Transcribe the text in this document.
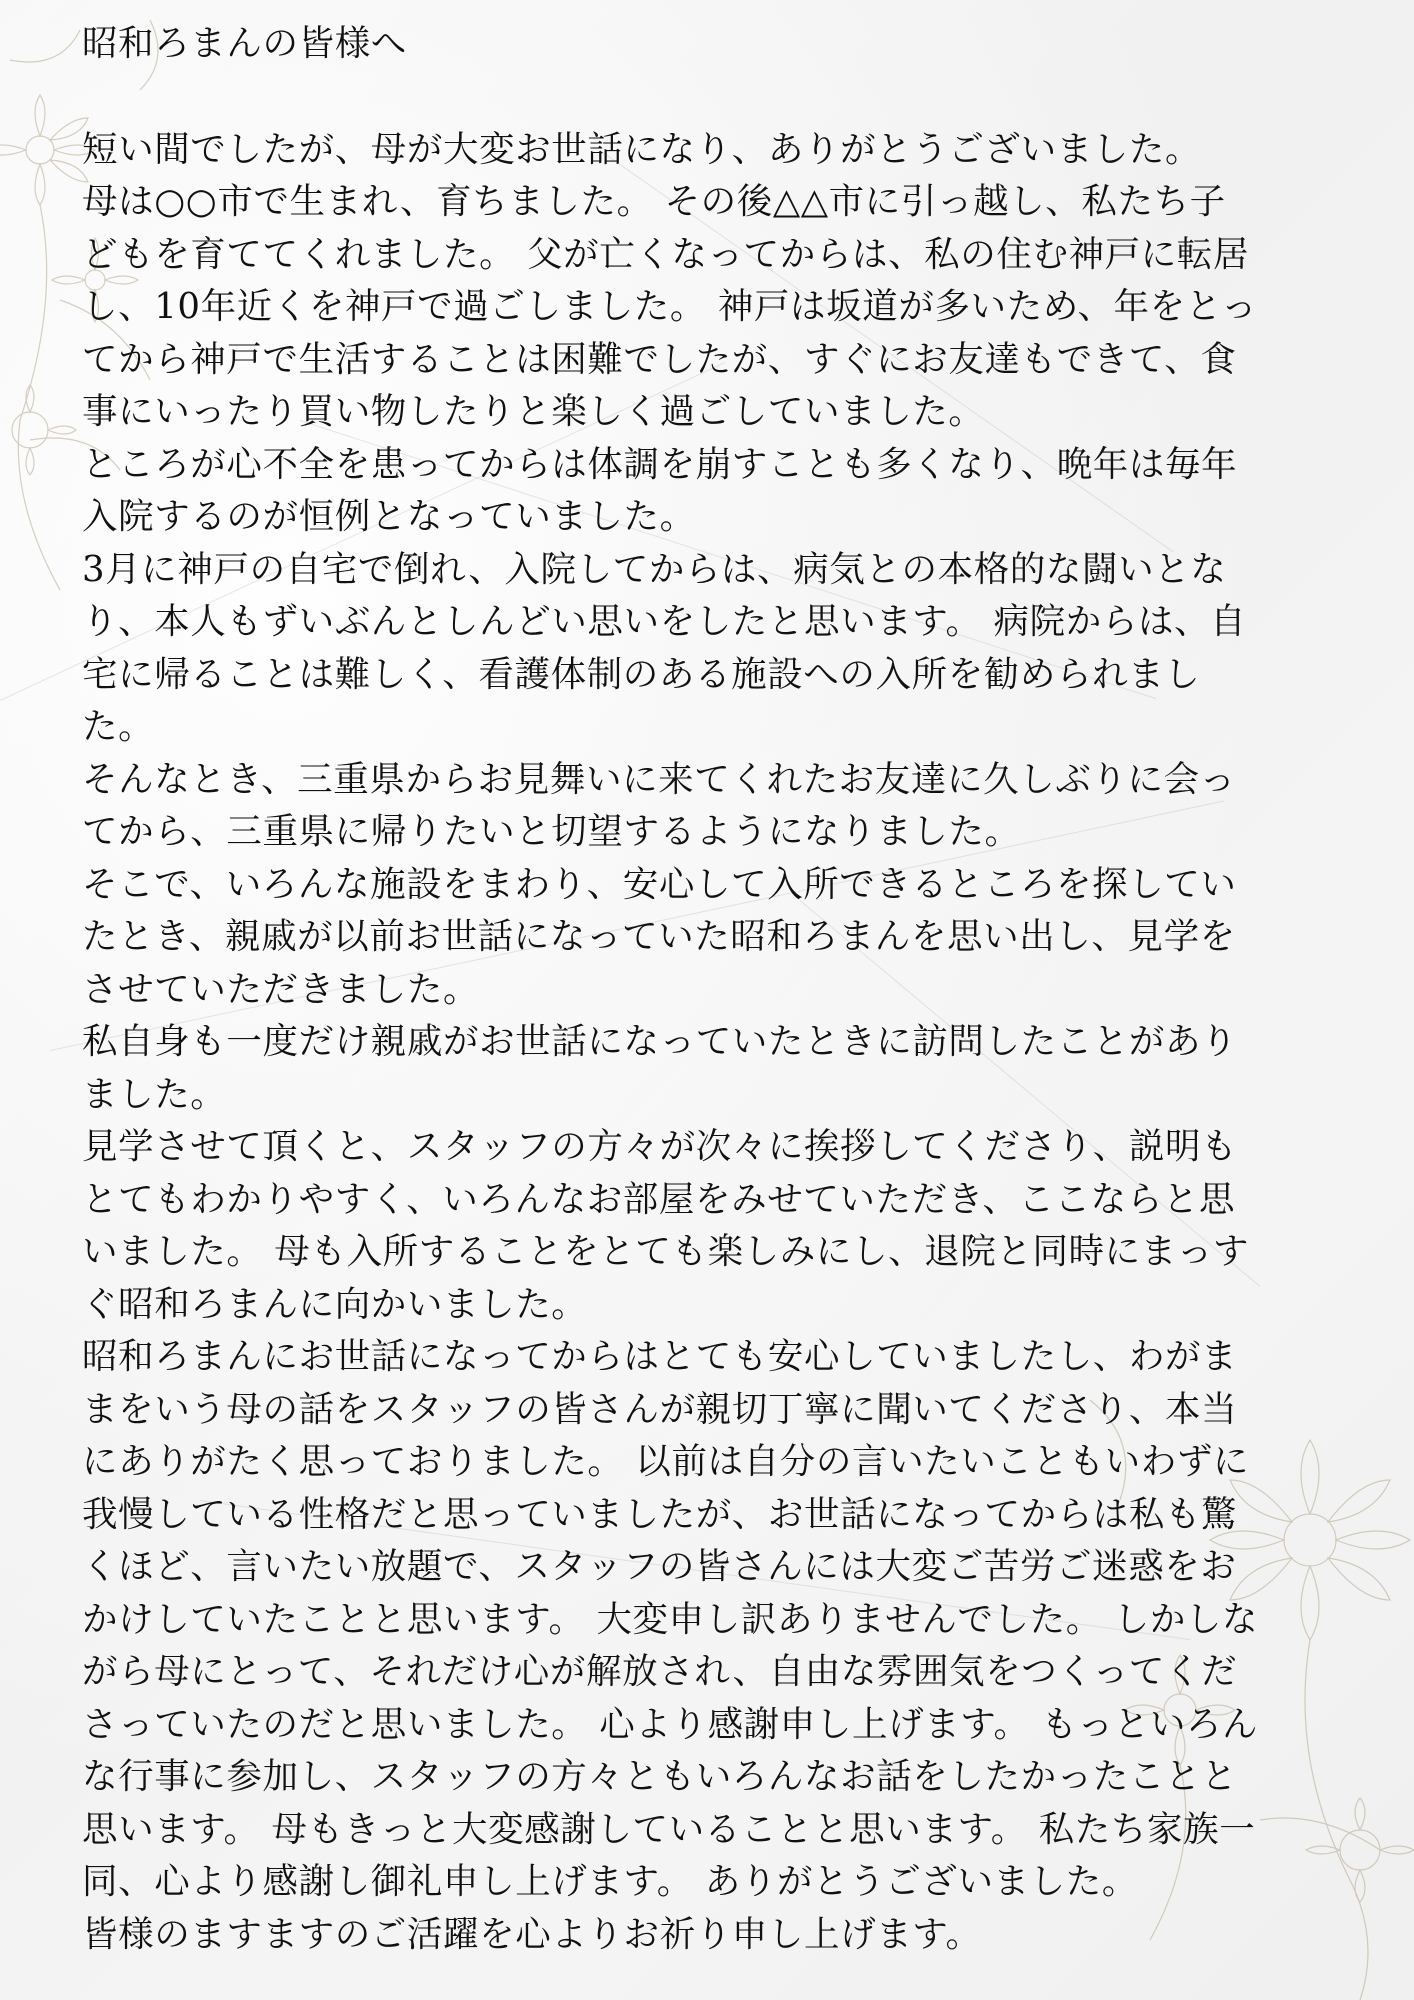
昭和ろまんの皆様へ
短い間でしたが、母が大変お世話になり、ありがとうございました。
母は○○市で生まれ、育ちました。 その後△△市に引っ越し、私たち子
どもを育ててくれました。 父が亡くなってからは、私の住む神戸に転居
し、10年近くを神戸で過ごしました。 神戸は坂道が多いため、年をとっ
てから神戸で生活することは困難でしたが、すぐにお友達もできて、食
事にいったり買い物したりと楽しく過ごしていました。
ところが心不全を患ってからは体調を崩すことも多くなり、晩年は毎年
入院するのが恒例となっていました。
3月に神戸の自宅で倒れ、入院してからは、病気との本格的な闘いとな
り、本人もずいぶんとしんどい思いをしたと思います。 病院からは、自
宅に帰ることは難しく、看護体制のある施設への入所を勧められまし
た。
そんなとき、三重県からお見舞いに来てくれたお友達に久しぶりに会っ
てから、三重県に帰りたいと切望するようになりました。
そこで、いろんな施設をまわり、安心して入所できるところを探してい
たとき、親戚が以前お世話になっていた昭和ろまんを思い出し、見学を
させていただきました。
私自身も一度だけ親戚がお世話になっていたときに訪問したことがあり
ました。
見学させて頂くと、スタッフの方々が次々に挨拶してくださり、説明も
とてもわかりやすく、いろんなお部屋をみせていただき、ここならと思
いました。 母も入所することをとても楽しみにし、退院と同時にまっす
ぐ昭和ろまんに向かいました。
昭和ろまんにお世話になってからはとても安心していましたし、わがま
まをいう母の話をスタッフの皆さんが親切丁寧に聞いてくださり、本当
にありがたく思っておりました。 以前は自分の言いたいこともいわずに
我慢している性格だと思っていましたが、お世話になってからは私も驚
くほど、言いたい放題で、スタッフの皆さんには大変ご苦労ご迷惑をお
かけしていたことと思います。 大変申し訳ありませんでした。 しかしな
がら母にとって、それだけ心が解放され、自由な雰囲気をつくってくだ
さっていたのだと思いました。 心より感謝申し上げます。 もっといろん
な行事に参加し、スタッフの方々ともいろんなお話をしたかったことと
思います。 母もきっと大変感謝していることと思います。 私たち家族一
同、心より感謝し御礼申し上げます。 ありがとうございました。
皆様のますますのご活躍を心よりお祈り申し上げます。
